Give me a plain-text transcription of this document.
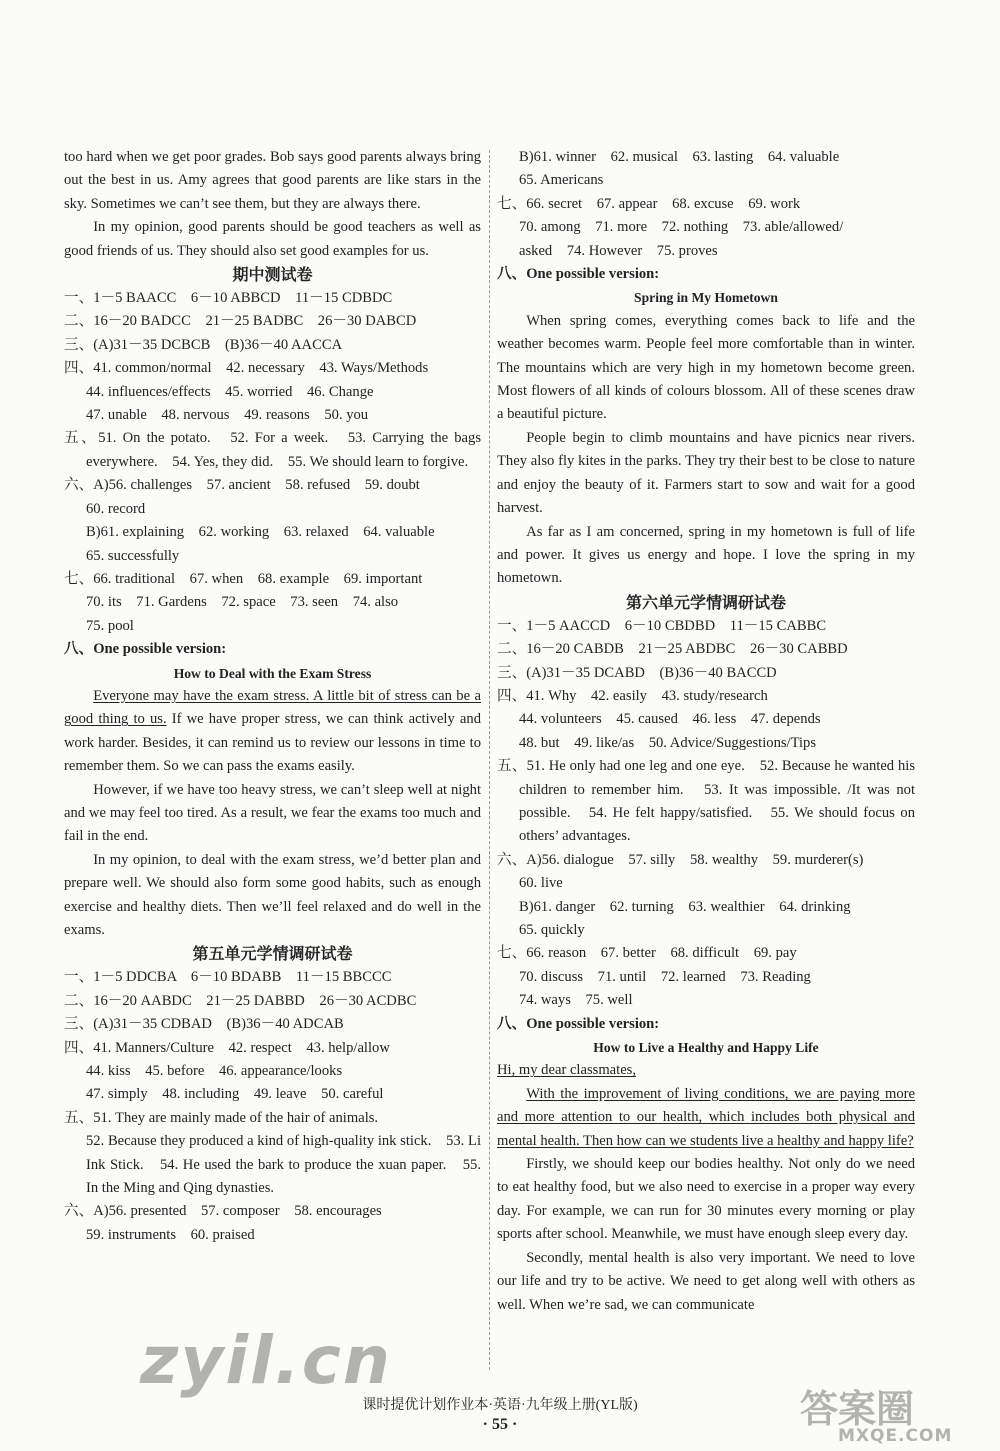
too hard when we get poor grades. Bob says good parents always bring out the best in us. Amy agrees that good parents are like stars in the sky. Sometimes we can’t see them, but they are always there.
In my opinion, good parents should be good teachers as well as good friends of us. They should also set good examples for us.
期中测试卷
一、1－5 BAACC　6－10 ABBCD　11－15 CDBDC
二、16－20 BADCC　21－25 BADBC　26－30 DABCD
三、(A)31－35 DCBCB　(B)36－40 AACCA
四、41. common/normal　42. necessary　43. Ways/Methods
44. influences/effects　45. worried　46. Change
47. unable　48. nervous　49. reasons　50. you
五、51. On the potato.　52. For a week.　53. Carrying the bags everywhere.　54. Yes, they did.　55. We should learn to forgive.
六、A)56. challenges　57. ancient　58. refused　59. doubt
60. record
B)61. explaining　62. working　63. relaxed　64. valuable
65. successfully
七、66. traditional　67. when　68. example　69. important
70. its　71. Gardens　72. space　73. seen　74. also
75. pool
八、One possible version:
How to Deal with the Exam Stress
Everyone may have the exam stress. A little bit of stress can be a good thing to us. If we have proper stress, we can think actively and work harder. Besides, it can remind us to review our lessons in time to remember them. So we can pass the exams easily.
However, if we have too heavy stress, we can’t sleep well at night and we may feel too tired. As a result, we fear the exams too much and fail in the end.
In my opinion, to deal with the exam stress, we’d better plan and prepare well. We should also form some good habits, such as enough exercise and healthy diets. Then we’ll feel relaxed and do well in the exams.
第五单元学情调研试卷
一、1－5 DDCBA　6－10 BDABB　11－15 BBCCC
二、16－20 AABDC　21－25 DABBD　26－30 ACDBC
三、(A)31－35 CDBAD　(B)36－40 ADCAB
四、41. Manners/Culture　42. respect　43. help/allow
44. kiss　45. before　46. appearance/looks
47. simply　48. including　49. leave　50. careful
五、51. They are mainly made of the hair of animals.
52. Because they produced a kind of high-quality ink stick.　53. Li Ink Stick.　54. He used the bark to produce the xuan paper.　55. In the Ming and Qing dynasties.
六、A)56. presented　57. composer　58. encourages
59. instruments　60. praised
B)61. winner　62. musical　63. lasting　64. valuable
65. Americans
七、66. secret　67. appear　68. excuse　69. work
70. among　71. more　72. nothing　73. able/allowed/
asked　74. However　75. proves
八、One possible version:
Spring in My Hometown
When spring comes, everything comes back to life and the weather becomes warm. People feel more comfortable than in winter. The mountains which are very high in my hometown become green. Most flowers of all kinds of colours blossom. All of these scenes draw a beautiful picture.
People begin to climb mountains and have picnics near rivers. They also fly kites in the parks. They try their best to be close to nature and enjoy the beauty of it. Farmers start to sow and wait for a good harvest.
As far as I am concerned, spring in my hometown is full of life and power. It gives us energy and hope. I love the spring in my hometown.
第六单元学情调研试卷
一、1－5 AACCD　6－10 CBDBD　11－15 CABBC
二、16－20 CABDB　21－25 ABDBC　26－30 CABBD
三、(A)31－35 DCABD　(B)36－40 BACCD
四、41. Why　42. easily　43. study/research
44. volunteers　45. caused　46. less　47. depends
48. but　49. like/as　50. Advice/Suggestions/Tips
五、51. He only had one leg and one eye.　52. Because he wanted his children to remember him.　53. It was impossible. /It was not possible.　54. He felt happy/satisfied.　55. We should focus on others’ advantages.
六、A)56. dialogue　57. silly　58. wealthy　59. murderer(s)
60. live
B)61. danger　62. turning　63. wealthier　64. drinking
65. quickly
七、66. reason　67. better　68. difficult　69. pay
70. discuss　71. until　72. learned　73. Reading
74. ways　75. well
八、One possible version:
How to Live a Healthy and Happy Life
Hi, my dear classmates,
With the improvement of living conditions, we are paying more and more attention to our health, which includes both physical and mental health. Then how can we students live a healthy and happy life?
Firstly, we should keep our bodies healthy. Not only do we need to eat healthy food, but we also need to exercise in a proper way every day. For example, we can run for 30 minutes every morning or play sports after school. Meanwhile, we must have enough sleep every day.
Secondly, mental health is also very important. We need to love our life and try to be active. We need to get along well with others as well. When we’re sad, we can communicate
课时提优计划作业本·英语·九年级上册(YL版)
· 55 ·
zyil.cn
答案圈
MXQE.COM
